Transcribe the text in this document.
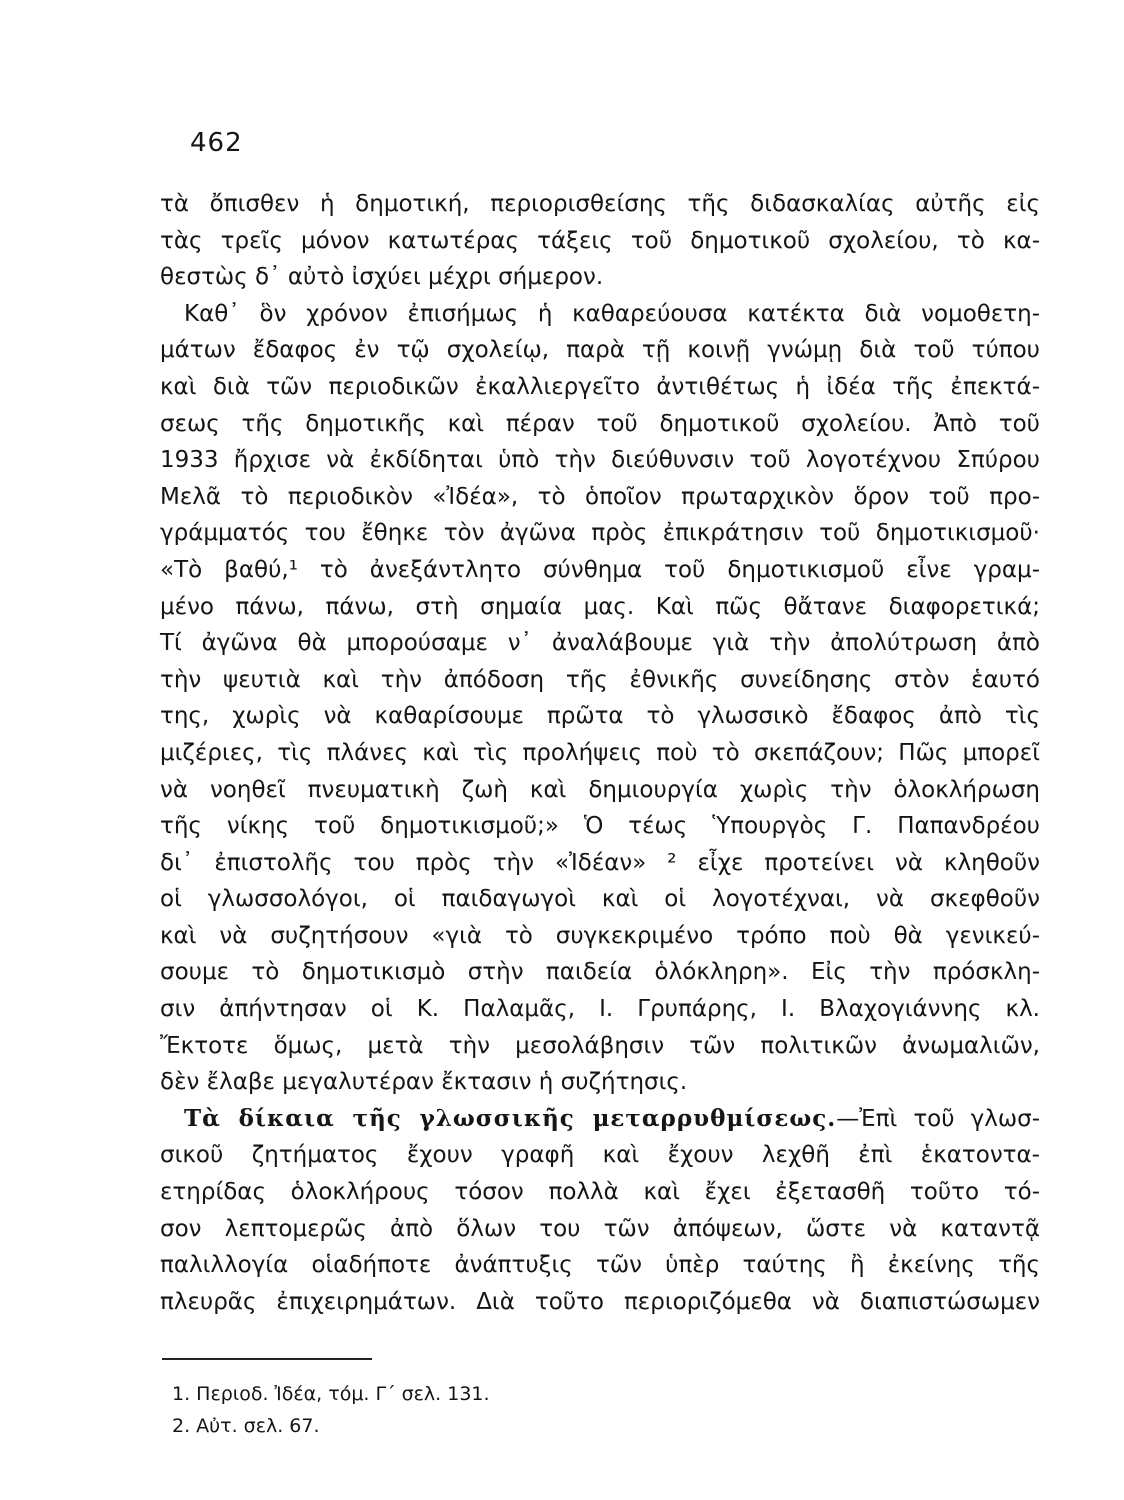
462
τὰ ὄπισθεν ἡ δημοτική, περιορισθείσης τῆς διδασκαλίας αὐτῆς εἰς
τὰς τρεῖς μόνον κατωτέρας τάξεις τοῦ δημοτικοῦ σχολείου, τὸ κα-
θεστὼς δ᾽ αὐτὸ ἰσχύει μέχρι σήμερον.
Καθ᾽ ὃν χρόνον ἐπισήμως ἡ καθαρεύουσα κατέκτα διὰ νομοθετη-
μάτων ἔδαφος ἐν τῷ σχολείῳ, παρὰ τῇ κοινῇ γνώμῃ διὰ τοῦ τύπου
καὶ διὰ τῶν περιοδικῶν ἐκαλλιεργεῖτο ἀντιθέτως ἡ ἰδέα τῆς ἐπεκτά-
σεως τῆς δημοτικῆς καὶ πέραν τοῦ δημοτικοῦ σχολείου. Ἀπὸ τοῦ
1933 ἤρχισε νὰ ἐκδίδηται ὑπὸ τὴν διεύθυνσιν τοῦ λογοτέχνου Σπύρου
Μελᾶ τὸ περιοδικὸν «Ἰδέα», τὸ ὁποῖον πρωταρχικὸν ὅρον τοῦ προ-
γράμματός του ἔθηκε τὸν ἀγῶνα πρὸς ἐπικράτησιν τοῦ δημοτικισμοῦ·
«Τὸ βαθύ,¹ τὸ ἀνεξάντλητο σύνθημα τοῦ δημοτικισμοῦ εἶνε γραμ-
μένο πάνω, πάνω, στὴ σημαία μας. Καὶ πῶς θἄτανε διαφορετικά;
Τί ἀγῶνα θὰ μπορούσαμε ν᾽ ἀναλάβουμε γιὰ τὴν ἀπολύτρωση ἀπὸ
τὴν ψευτιὰ καὶ τὴν ἀπόδοση τῆς ἐθνικῆς συνείδησης στὸν ἑαυτό
της, χωρὶς νὰ καθαρίσουμε πρῶτα τὸ γλωσσικὸ ἔδαφος ἀπὸ τὶς
μιζέριες, τὶς πλάνες καὶ τὶς προλήψεις ποὺ τὸ σκεπάζουν; Πῶς μπορεῖ
νὰ νοηθεῖ πνευματικὴ ζωὴ καὶ δημιουργία χωρὶς τὴν ὁλοκλήρωση
τῆς νίκης τοῦ δημοτικισμοῦ;» Ὁ τέως Ὑπουργὸς Γ. Παπανδρέου
δι᾽ ἐπιστολῆς του πρὸς τὴν «Ἰδέαν» ² εἶχε προτείνει νὰ κληθοῦν
οἱ γλωσσολόγοι, οἱ παιδαγωγοὶ καὶ οἱ λογοτέχναι, νὰ σκεφθοῦν
καὶ νὰ συζητήσουν «γιὰ τὸ συγκεκριμένο τρόπο ποὺ θὰ γενικεύ-
σουμε τὸ δημοτικισμὸ στὴν παιδεία ὁλόκληρη». Εἰς τὴν πρόσκλη-
σιν ἀπήντησαν οἱ Κ. Παλαμᾶς, Ι. Γρυπάρης, Ι. Βλαχογιάννης κλ.
Ἔκτοτε ὅμως, μετὰ τὴν μεσολάβησιν τῶν πολιτικῶν ἀνωμαλιῶν,
δὲν ἔλαβε μεγαλυτέραν ἔκτασιν ἡ συζήτησις.
Τὰ δίκαια τῆς γλωσσικῆς μεταρρυθμίσεως.—Ἐπὶ τοῦ γλωσ-
σικοῦ ζητήματος ἔχουν γραφῆ καὶ ἔχουν λεχθῆ ἐπὶ ἑκατοντα-
ετηρίδας ὁλοκλήρους τόσον πολλὰ καὶ ἔχει ἐξετασθῆ τοῦτο τό-
σον λεπτομερῶς ἀπὸ ὅλων του τῶν ἀπόψεων, ὥστε νὰ καταντᾷ
παλιλλογία οἱαδήποτε ἀνάπτυξις τῶν ὑπὲρ ταύτης ἢ ἐκείνης τῆς
πλευρᾶς ἐπιχειρημάτων. Διὰ τοῦτο περιοριζόμεθα νὰ διαπιστώσωμεν
1. Περιοδ. Ἰδέα, τόμ. Γ΄ σελ. 131.
2. Αὐτ. σελ. 67.
